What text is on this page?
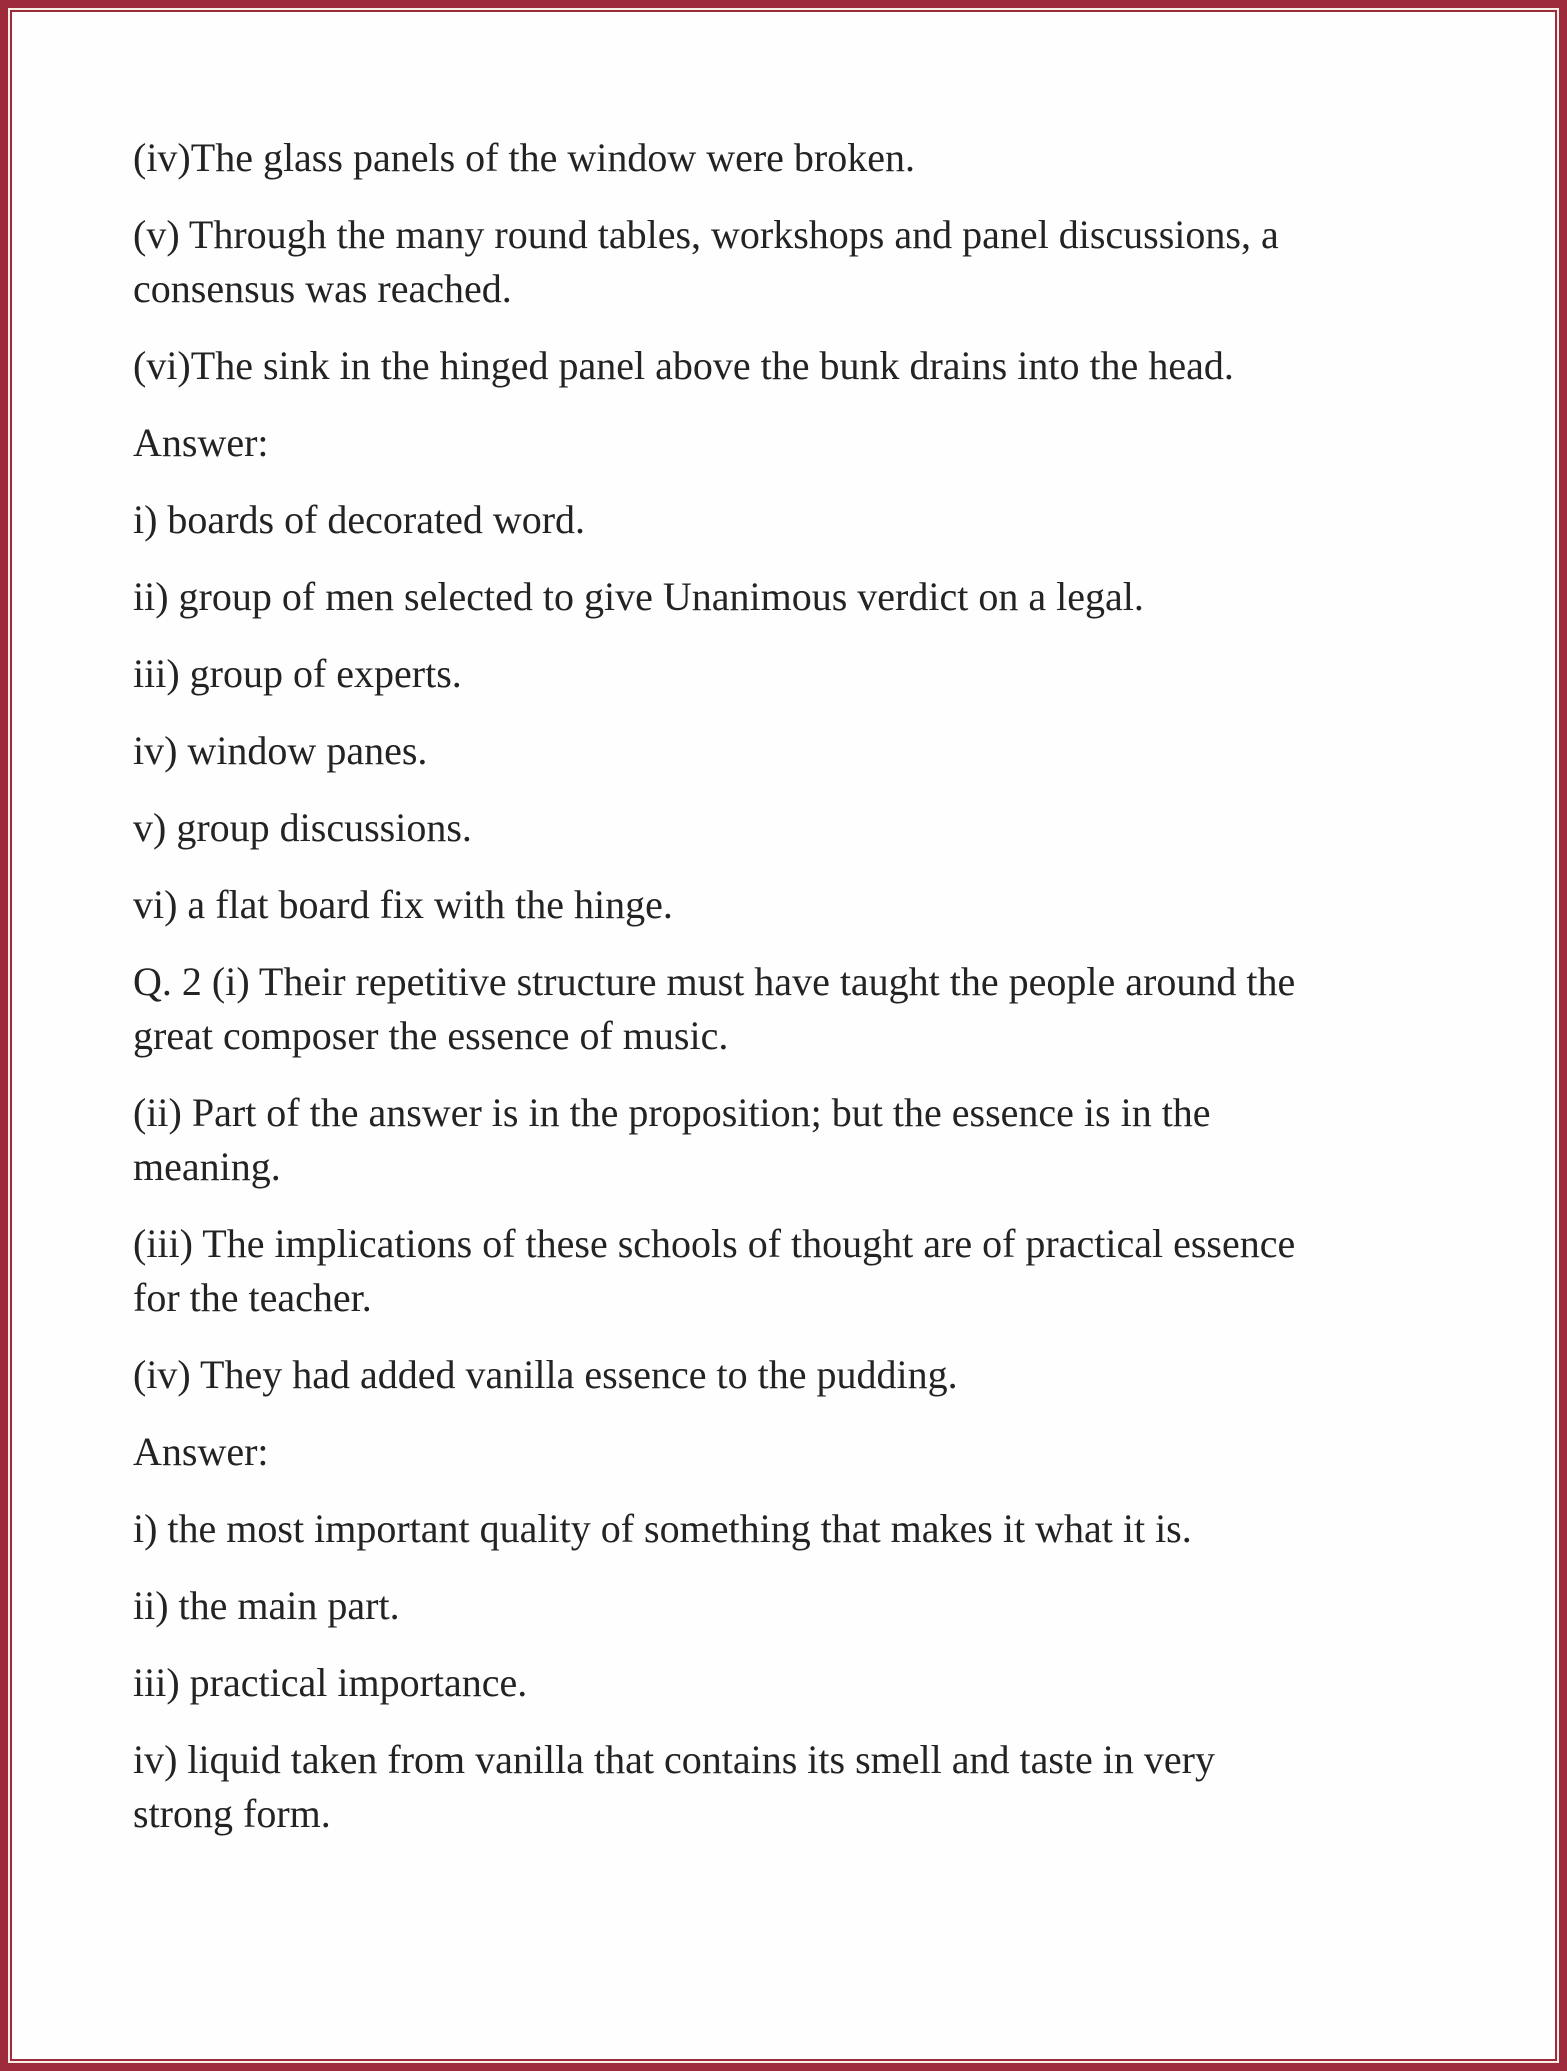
(iv)The glass panels of the window were broken.

(v) Through the many round tables, workshops and panel discussions, a
consensus was reached.

(vi)The sink in the hinged panel above the bunk drains into the head.

Answer:

i) boards of decorated word.

ii) group of men selected to give Unanimous verdict on a legal.

iii) group of experts.

iv) window panes.

v) group discussions.

vi) a flat board fix with the hinge.

Q. 2 (i) Their repetitive structure must have taught the people around the
great composer the essence of music.

(ii) Part of the answer is in the proposition; but the essence is in the
meaning.

(iii) The implications of these schools of thought are of practical essence
for the teacher.

(iv) They had added vanilla essence to the pudding.

Answer:

i) the most important quality of something that makes it what it is.

ii) the main part.

iii) practical importance.

iv) liquid taken from vanilla that contains its smell and taste in very
strong form.
